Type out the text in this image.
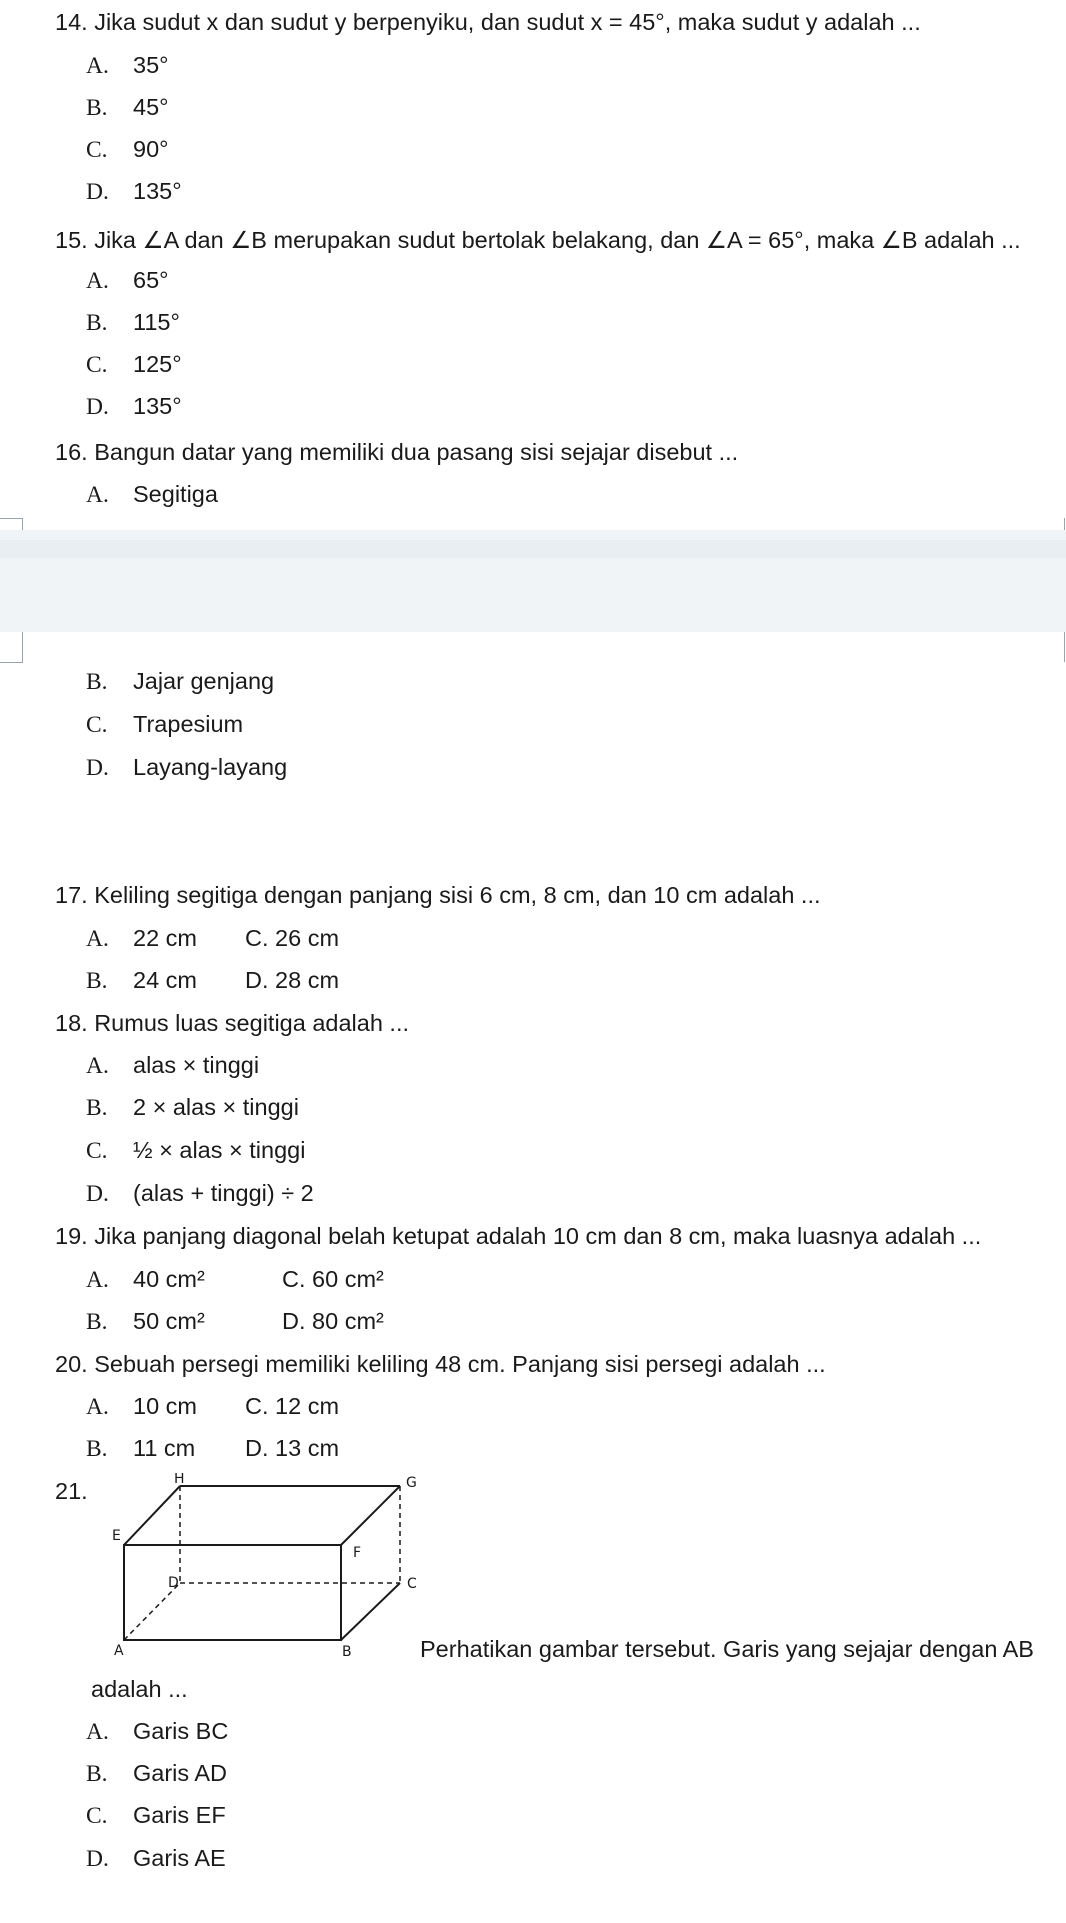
14. Jika sudut x dan sudut y berpenyiku, dan sudut x = 45°, maka sudut y adalah ...
A. 35°
B. 45°
C. 90°
D. 135°
15. Jika ∠A dan ∠B merupakan sudut bertolak belakang, dan ∠A = 65°, maka ∠B adalah ...
A. 65°
B. 115°
C. 125°
D. 135°
16. Bangun datar yang memiliki dua pasang sisi sejajar disebut ...
A. Segitiga
B. Jajar genjang
C. Trapesium
D. Layang-layang
17. Keliling segitiga dengan panjang sisi 6 cm, 8 cm, dan 10 cm adalah ...
A. 22 cm C. 26 cm
B. 24 cm D. 28 cm
18. Rumus luas segitiga adalah ...
A. alas × tinggi
B. 2 × alas × tinggi
C. ½ × alas × tinggi
D. (alas + tinggi) ÷ 2
19. Jika panjang diagonal belah ketupat adalah 10 cm dan 8 cm, maka luasnya adalah ...
A. 40 cm²	C. 60 cm²
B. 50 cm²	D. 80 cm²
20. Sebuah persegi memiliki keliling 48 cm. Panjang sisi persegi adalah ...
A. 10 cm C. 12 cm
B. 11 cm D. 13 cm
21.	H	G
E
F
D	C
A	B	Perhatikan gambar tersebut. Garis yang sejajar dengan AB
adalah ...
A. Garis BC
B. Garis AD
C. Garis EF
D. Garis AE
